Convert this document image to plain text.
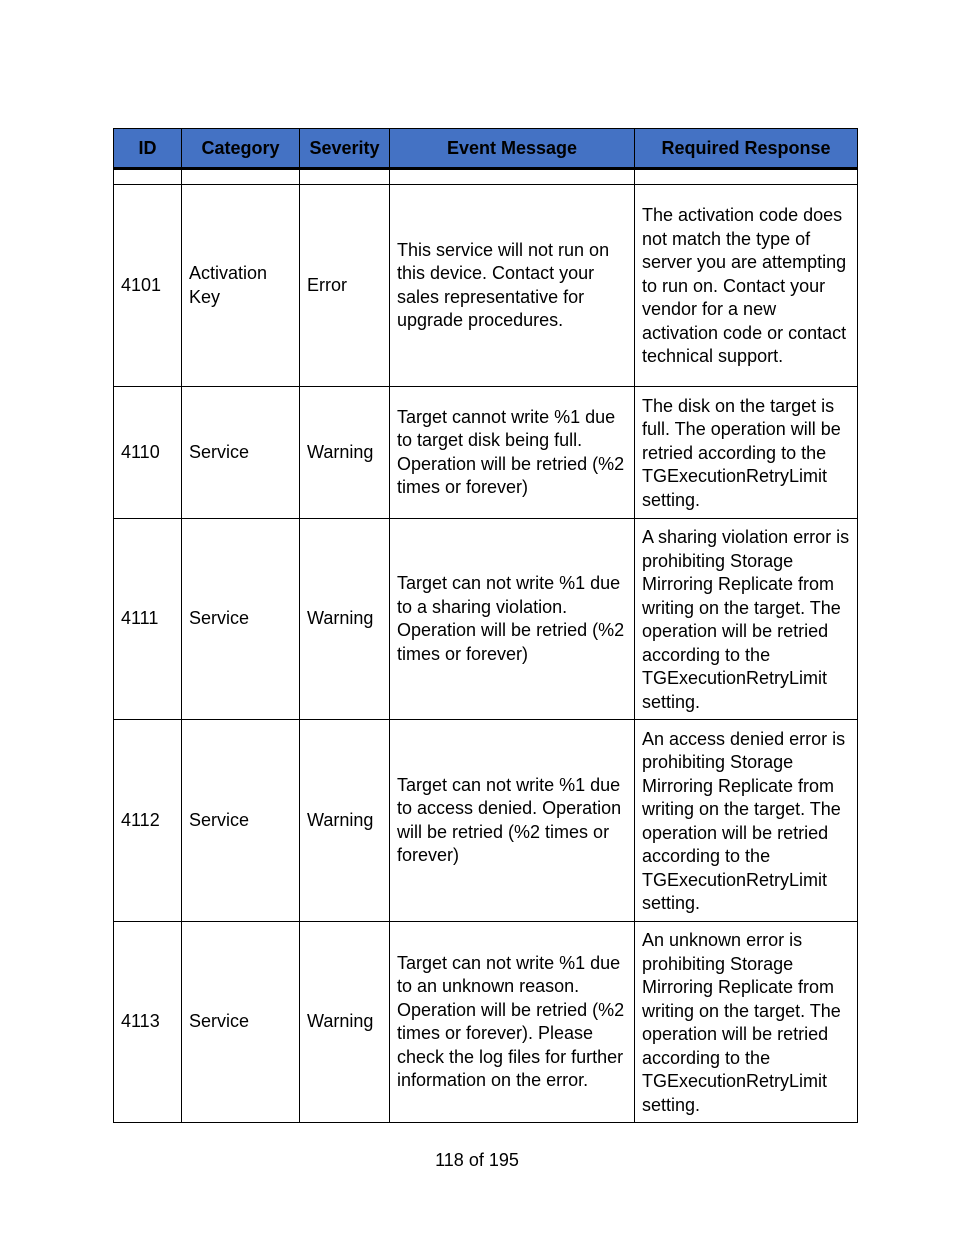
ID	Category	Severity	Event Message	Required Response

4101	Activation Key	Error	This service will not run on this device. Contact your sales representative for upgrade procedures.	The activation code does not match the type of server you are attempting to run on. Contact your vendor for a new activation code or contact technical support.
4110	Service	Warning	Target cannot write %1 due to target disk being full. Operation will be retried (%2 times or forever)	The disk on the target is full. The operation will be retried according to the TGExecutionRetryLimit setting.
4111	Service	Warning	Target can not write %1 due to a sharing violation. Operation will be retried (%2 times or forever)	A sharing violation error is prohibiting Storage Mirroring Replicate from writing on the target. The operation will be retried according to the TGExecutionRetryLimit setting.
4112	Service	Warning	Target can not write %1 due to access denied. Operation will be retried (%2 times or forever)	An access denied error is prohibiting Storage Mirroring Replicate from writing on the target. The operation will be retried according to the TGExecutionRetryLimit setting.
4113	Service	Warning	Target can not write %1 due to an unknown reason. Operation will be retried (%2 times or forever). Please check the log files for further information on the error.	An unknown error is prohibiting Storage Mirroring Replicate from writing on the target. The operation will be retried according to the TGExecutionRetryLimit setting.
118 of 195
